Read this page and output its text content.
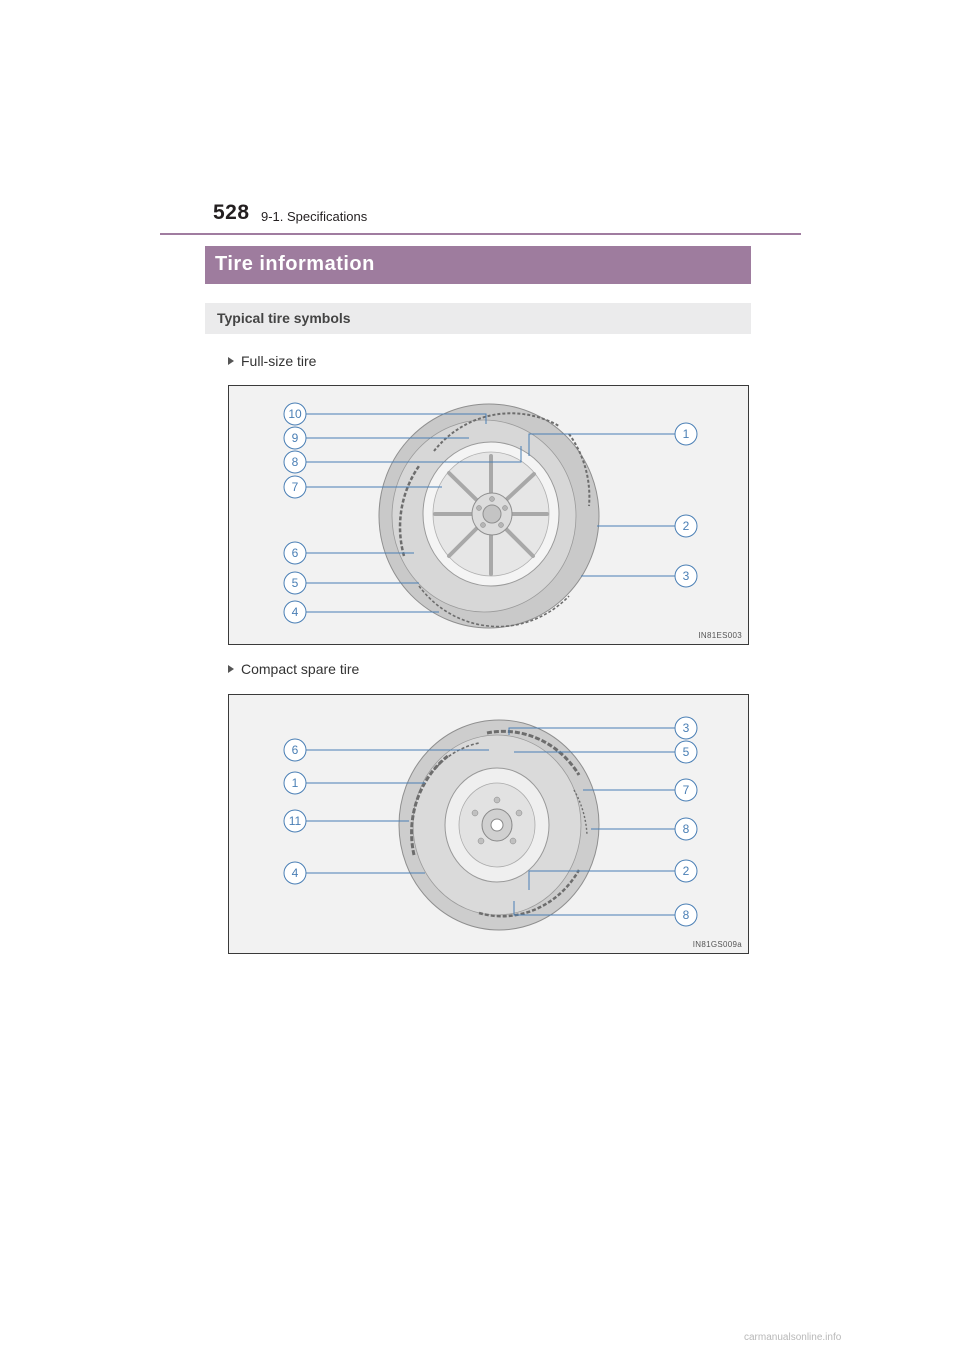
528 9-1. Specifications
Tire information
Typical tire symbols
Full-size tire
10
9
8
7
6
5
4
1
2
3
IN81ES003
Compact spare tire
6
1
11
4
3
5
7
8
2
8
IN81GS009a
carmanualsonline.info
